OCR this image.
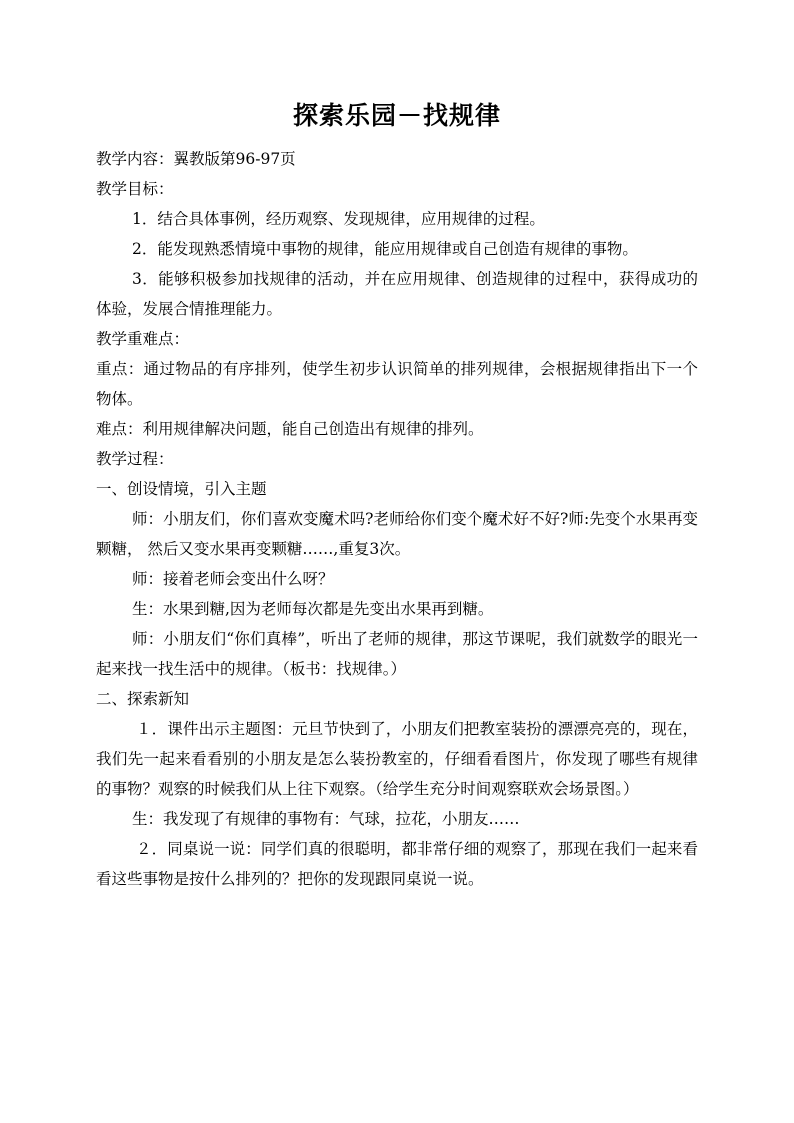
探索乐园－找规律
教学内容：翼教版第96-97页
教学目标：
1．结合具体事例，经历观察、发现规律，应用规律的过程。
2．能发现熟悉情境中事物的规律，能应用规律或自己创造有规律的事物。
3．能够积极参加找规律的活动，并在应用规律、创造规律的过程中，获得成功的体验，发展合情推理能力。
教学重难点：
重点：通过物品的有序排列，使学生初步认识简单的排列规律，会根据规律指出下一个物体。
难点：利用规律解决问题，能自己创造出有规律的排列。
教学过程：
一、创设情境，引入主题
师：小朋友们，你们喜欢变魔术吗?老师给你们变个魔术好不好?师:先变个水果再变颗糖， 然后又变水果再变颗糖……,重复3次。
师：接着老师会变出什么呀？
生：水果到糖,因为老师每次都是先变出水果再到糖。
师：小朋友们“你们真棒”，听出了老师的规律，那这节课呢，我们就数学的眼光一起来找一找生活中的规律。（板书：找规律。）
二、探索新知
１．课件出示主题图：元旦节快到了，小朋友们把教室装扮的漂漂亮亮的，现在，我们先一起来看看别的小朋友是怎么装扮教室的，仔细看看图片，你发现了哪些有规律的事物？观察的时候我们从上往下观察。（给学生充分时间观察联欢会场景图。）
生：我发现了有规律的事物有：气球，拉花，小朋友……
２．同桌说一说：同学们真的很聪明，都非常仔细的观察了，那现在我们一起来看看这些事物是按什么排列的？把你的发现跟同桌说一说。
